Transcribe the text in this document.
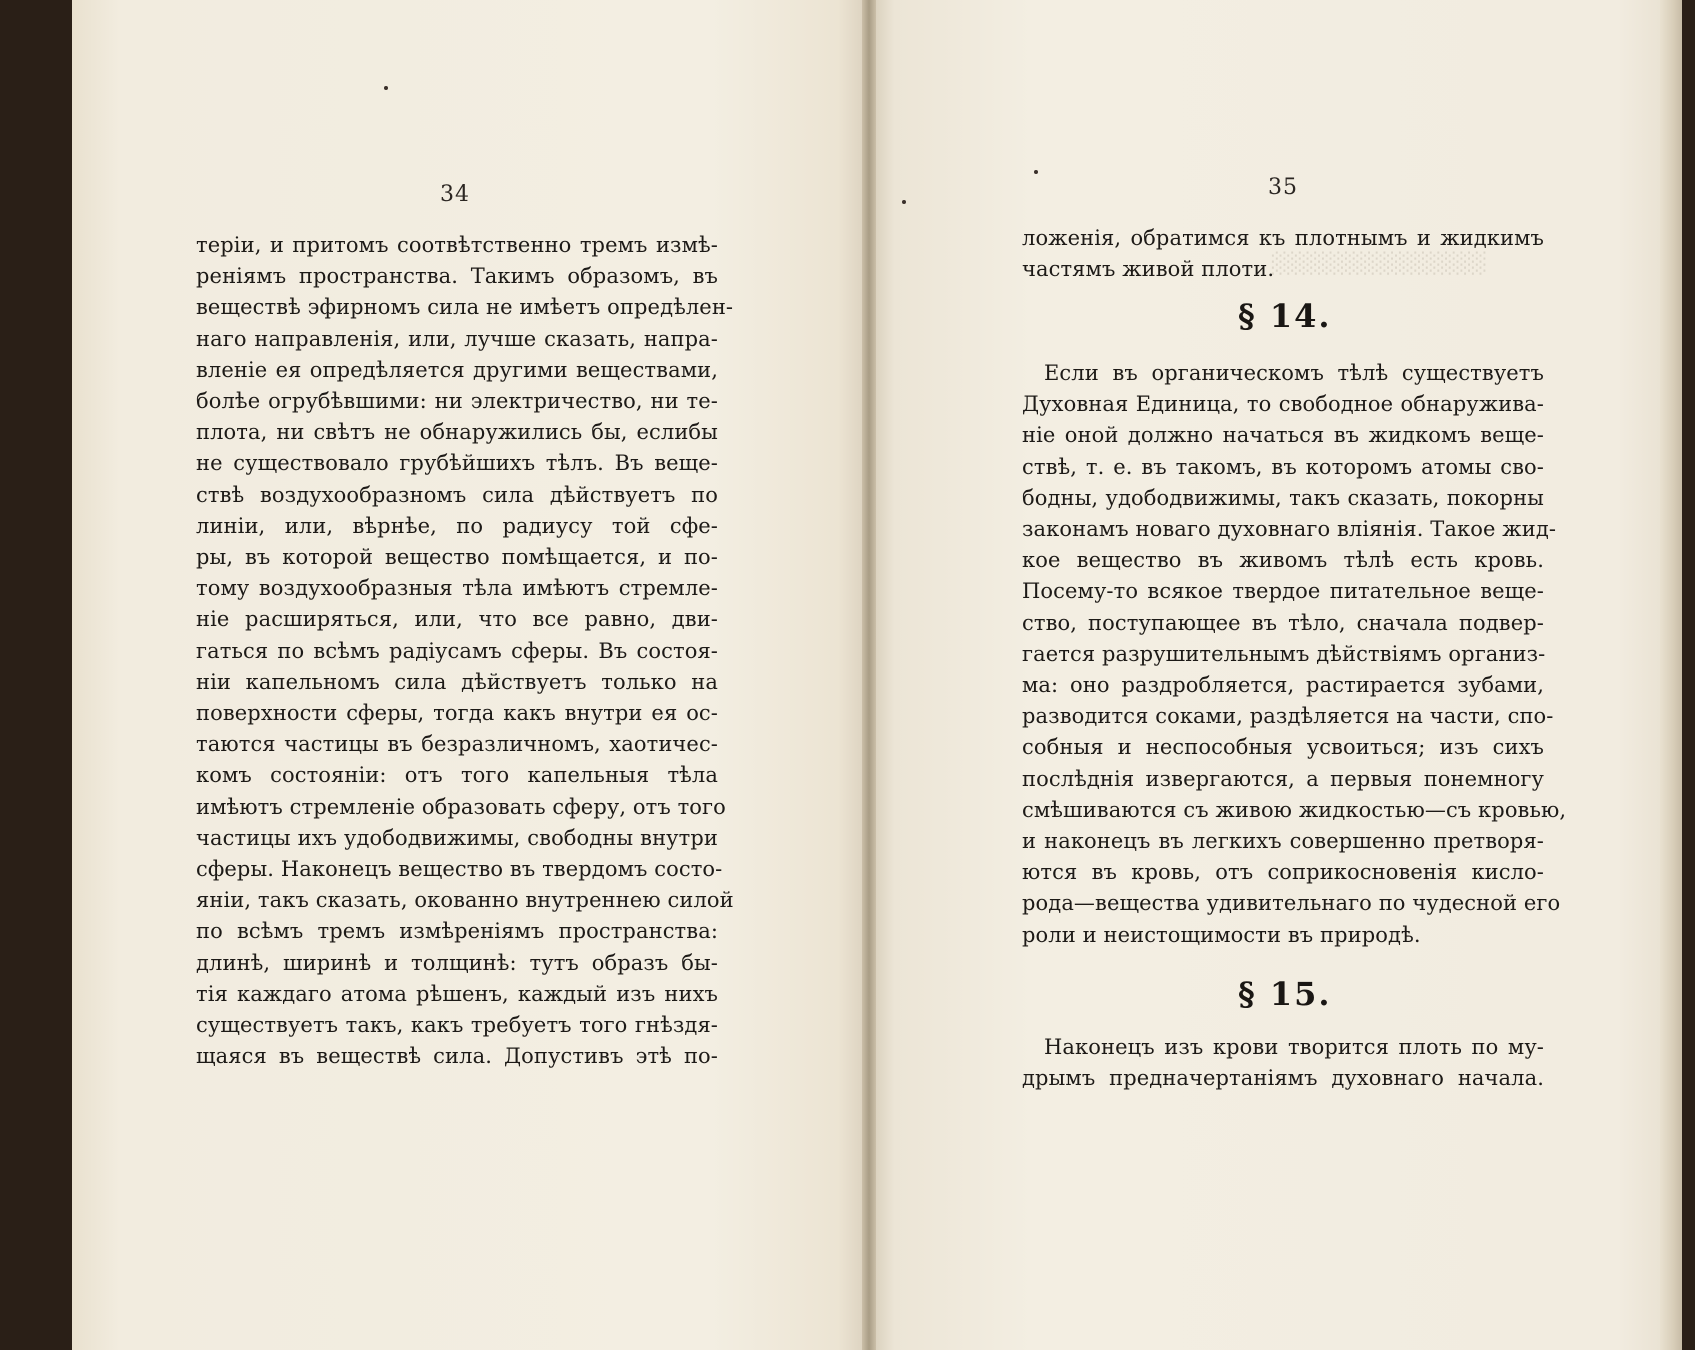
░░░░░░░░░░░░░░
34
теріи, и притомъ соотвѣтственно тремъ измѣ-
реніямъ пространства. Такимъ образомъ, въ
веществѣ эфирномъ сила не имѣетъ опредѣлен-
наго направленія, или, лучше сказать, напра-
вленіе ея опредѣляется другими веществами,
болѣе огрубѣвшими: ни электричество, ни те-
плота, ни свѣтъ не обнаружились бы, еслибы
не существовало грубѣйшихъ тѣлъ. Въ веще-
ствѣ воздухообразномъ сила дѣйствуетъ по
линіи, или, вѣрнѣе, по радиусу той сфе-
ры, въ которой вещество помѣщается, и по-
тому воздухообразныя тѣла имѣютъ стремле-
ніе расширяться, или, что все равно, дви-
гаться по всѣмъ радіусамъ сферы. Въ состоя-
ніи капельномъ сила дѣйствуетъ только на
поверхности сферы, тогда какъ внутри ея ос-
таются частицы въ безразличномъ, хаотичес-
комъ состояніи: отъ того капельныя тѣла
имѣютъ стремленіе образовать сферу, отъ того
частицы ихъ удободвижимы, свободны внутри
сферы. Наконецъ вещество въ твердомъ состо-
яніи, такъ сказать, окованно внутреннею силой
по всѣмъ тремъ измѣреніямъ пространства:
длинѣ, ширинѣ и толщинѣ: тутъ образъ бы-
тія каждаго атома рѣшенъ, каждый изъ нихъ
существуетъ такъ, какъ требуетъ того гнѣздя-
щаяся въ веществѣ сила. Допустивъ этѣ по-
35
ложенія, обратимся къ плотнымъ и жидкимъ
частямъ живой плоти.
§ 14.
Если въ органическомъ тѣлѣ существуетъ
Духовная Единица, то свободное обнаружива-
ніе оной должно начаться въ жидкомъ веще-
ствѣ, т. е. въ такомъ, въ которомъ атомы сво-
бодны, удободвижимы, такъ сказать, покорны
законамъ новаго духовнаго вліянія. Такое жид-
кое вещество въ живомъ тѣлѣ есть кровь.
Посему-то всякое твердое питательное веще-
ство, поступающее въ тѣло, сначала подвер-
гается разрушительнымъ дѣйствіямъ организ-
ма: оно раздробляется, растирается зубами,
разводится соками, раздѣляется на части, спо-
собныя и неспособныя усвоиться; изъ сихъ
послѣднія извергаются, а первыя понемногу
смѣшиваются съ живою жидкостью—съ кровью,
и наконецъ въ легкихъ совершенно претворя-
ются въ кровь, отъ соприкосновенія кисло-
рода—вещества удивительнаго по чудесной его
роли и неистощимости въ природѣ.
§ 15.
Наконецъ изъ крови творится плоть по му-
дрымъ предначертаніямъ духовнаго начала.
